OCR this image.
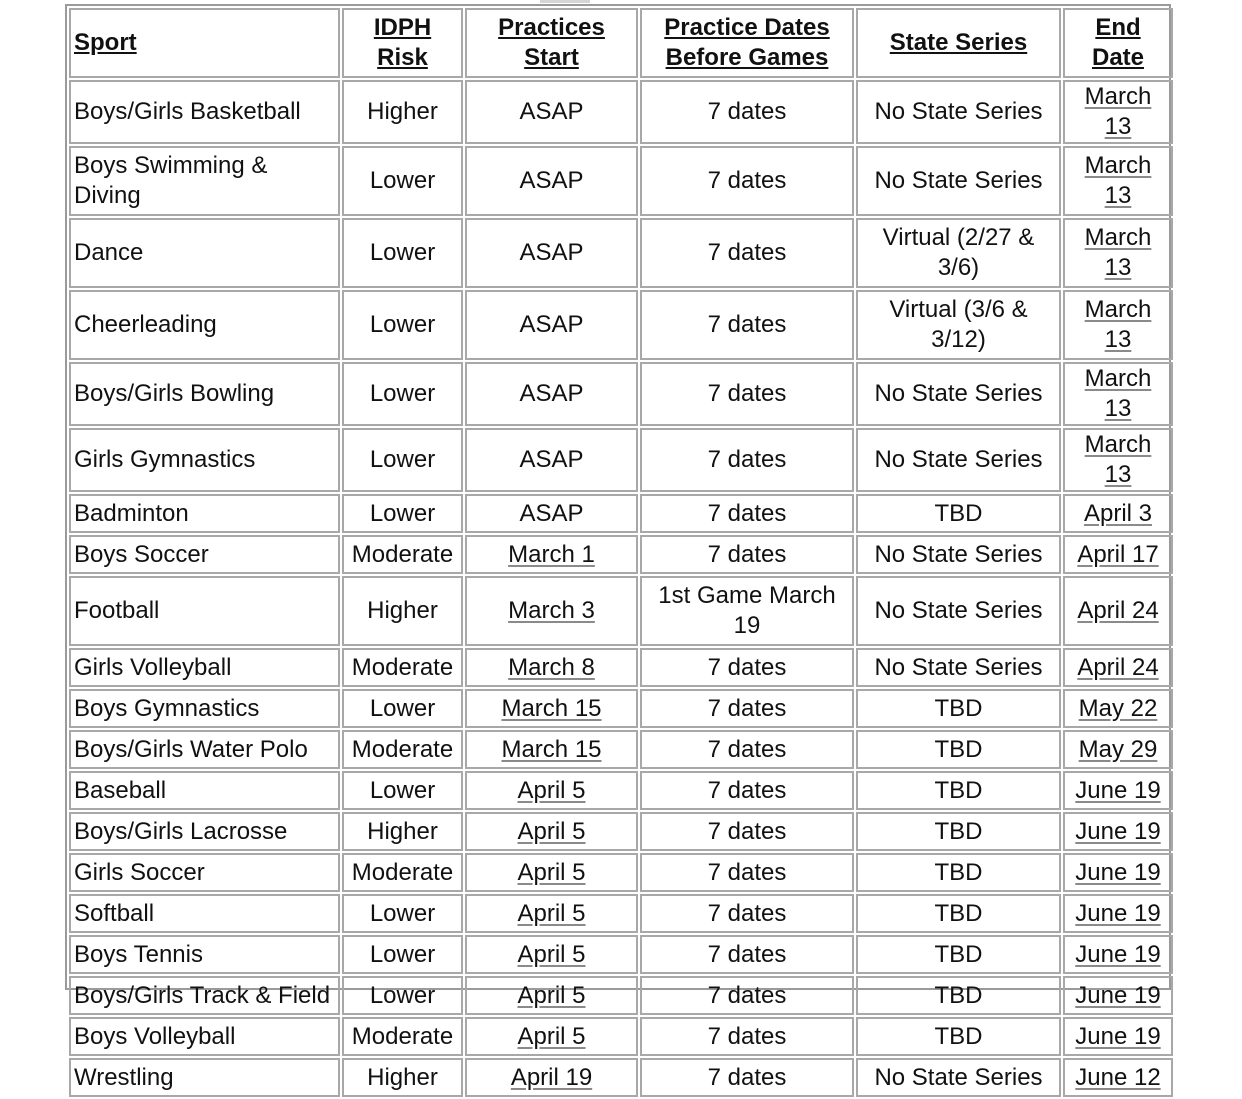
Sport	IDPH Risk	Practices Start	Practice Dates Before Games	State Series	End Date
Boys/Girls Basketball	Higher	ASAP	7 dates	No State Series	March 13
Boys Swimming & Diving	Lower	ASAP	7 dates	No State Series	March 13
Dance	Lower	ASAP	7 dates	Virtual (2/27 & 3/6)	March 13
Cheerleading	Lower	ASAP	7 dates	Virtual (3/6 & 3/12)	March 13
Boys/Girls Bowling	Lower	ASAP	7 dates	No State Series	March 13
Girls Gymnastics	Lower	ASAP	7 dates	No State Series	March 13
Badminton	Lower	ASAP	7 dates	TBD	April 3
Boys Soccer	Moderate	March 1	7 dates	No State Series	April 17
Football	Higher	March 3	1st Game March 19	No State Series	April 24
Girls Volleyball	Moderate	March 8	7 dates	No State Series	April 24
Boys Gymnastics	Lower	March 15	7 dates	TBD	May 22
Boys/Girls Water Polo	Moderate	March 15	7 dates	TBD	May 29
Baseball	Lower	April 5	7 dates	TBD	June 19
Boys/Girls Lacrosse	Higher	April 5	7 dates	TBD	June 19
Girls Soccer	Moderate	April 5	7 dates	TBD	June 19
Softball	Lower	April 5	7 dates	TBD	June 19
Boys Tennis	Lower	April 5	7 dates	TBD	June 19
Boys/Girls Track & Field	Lower	April 5	7 dates	TBD	June 19
Boys Volleyball	Moderate	April 5	7 dates	TBD	June 19
Wrestling	Higher	April 19	7 dates	No State Series	June 12
